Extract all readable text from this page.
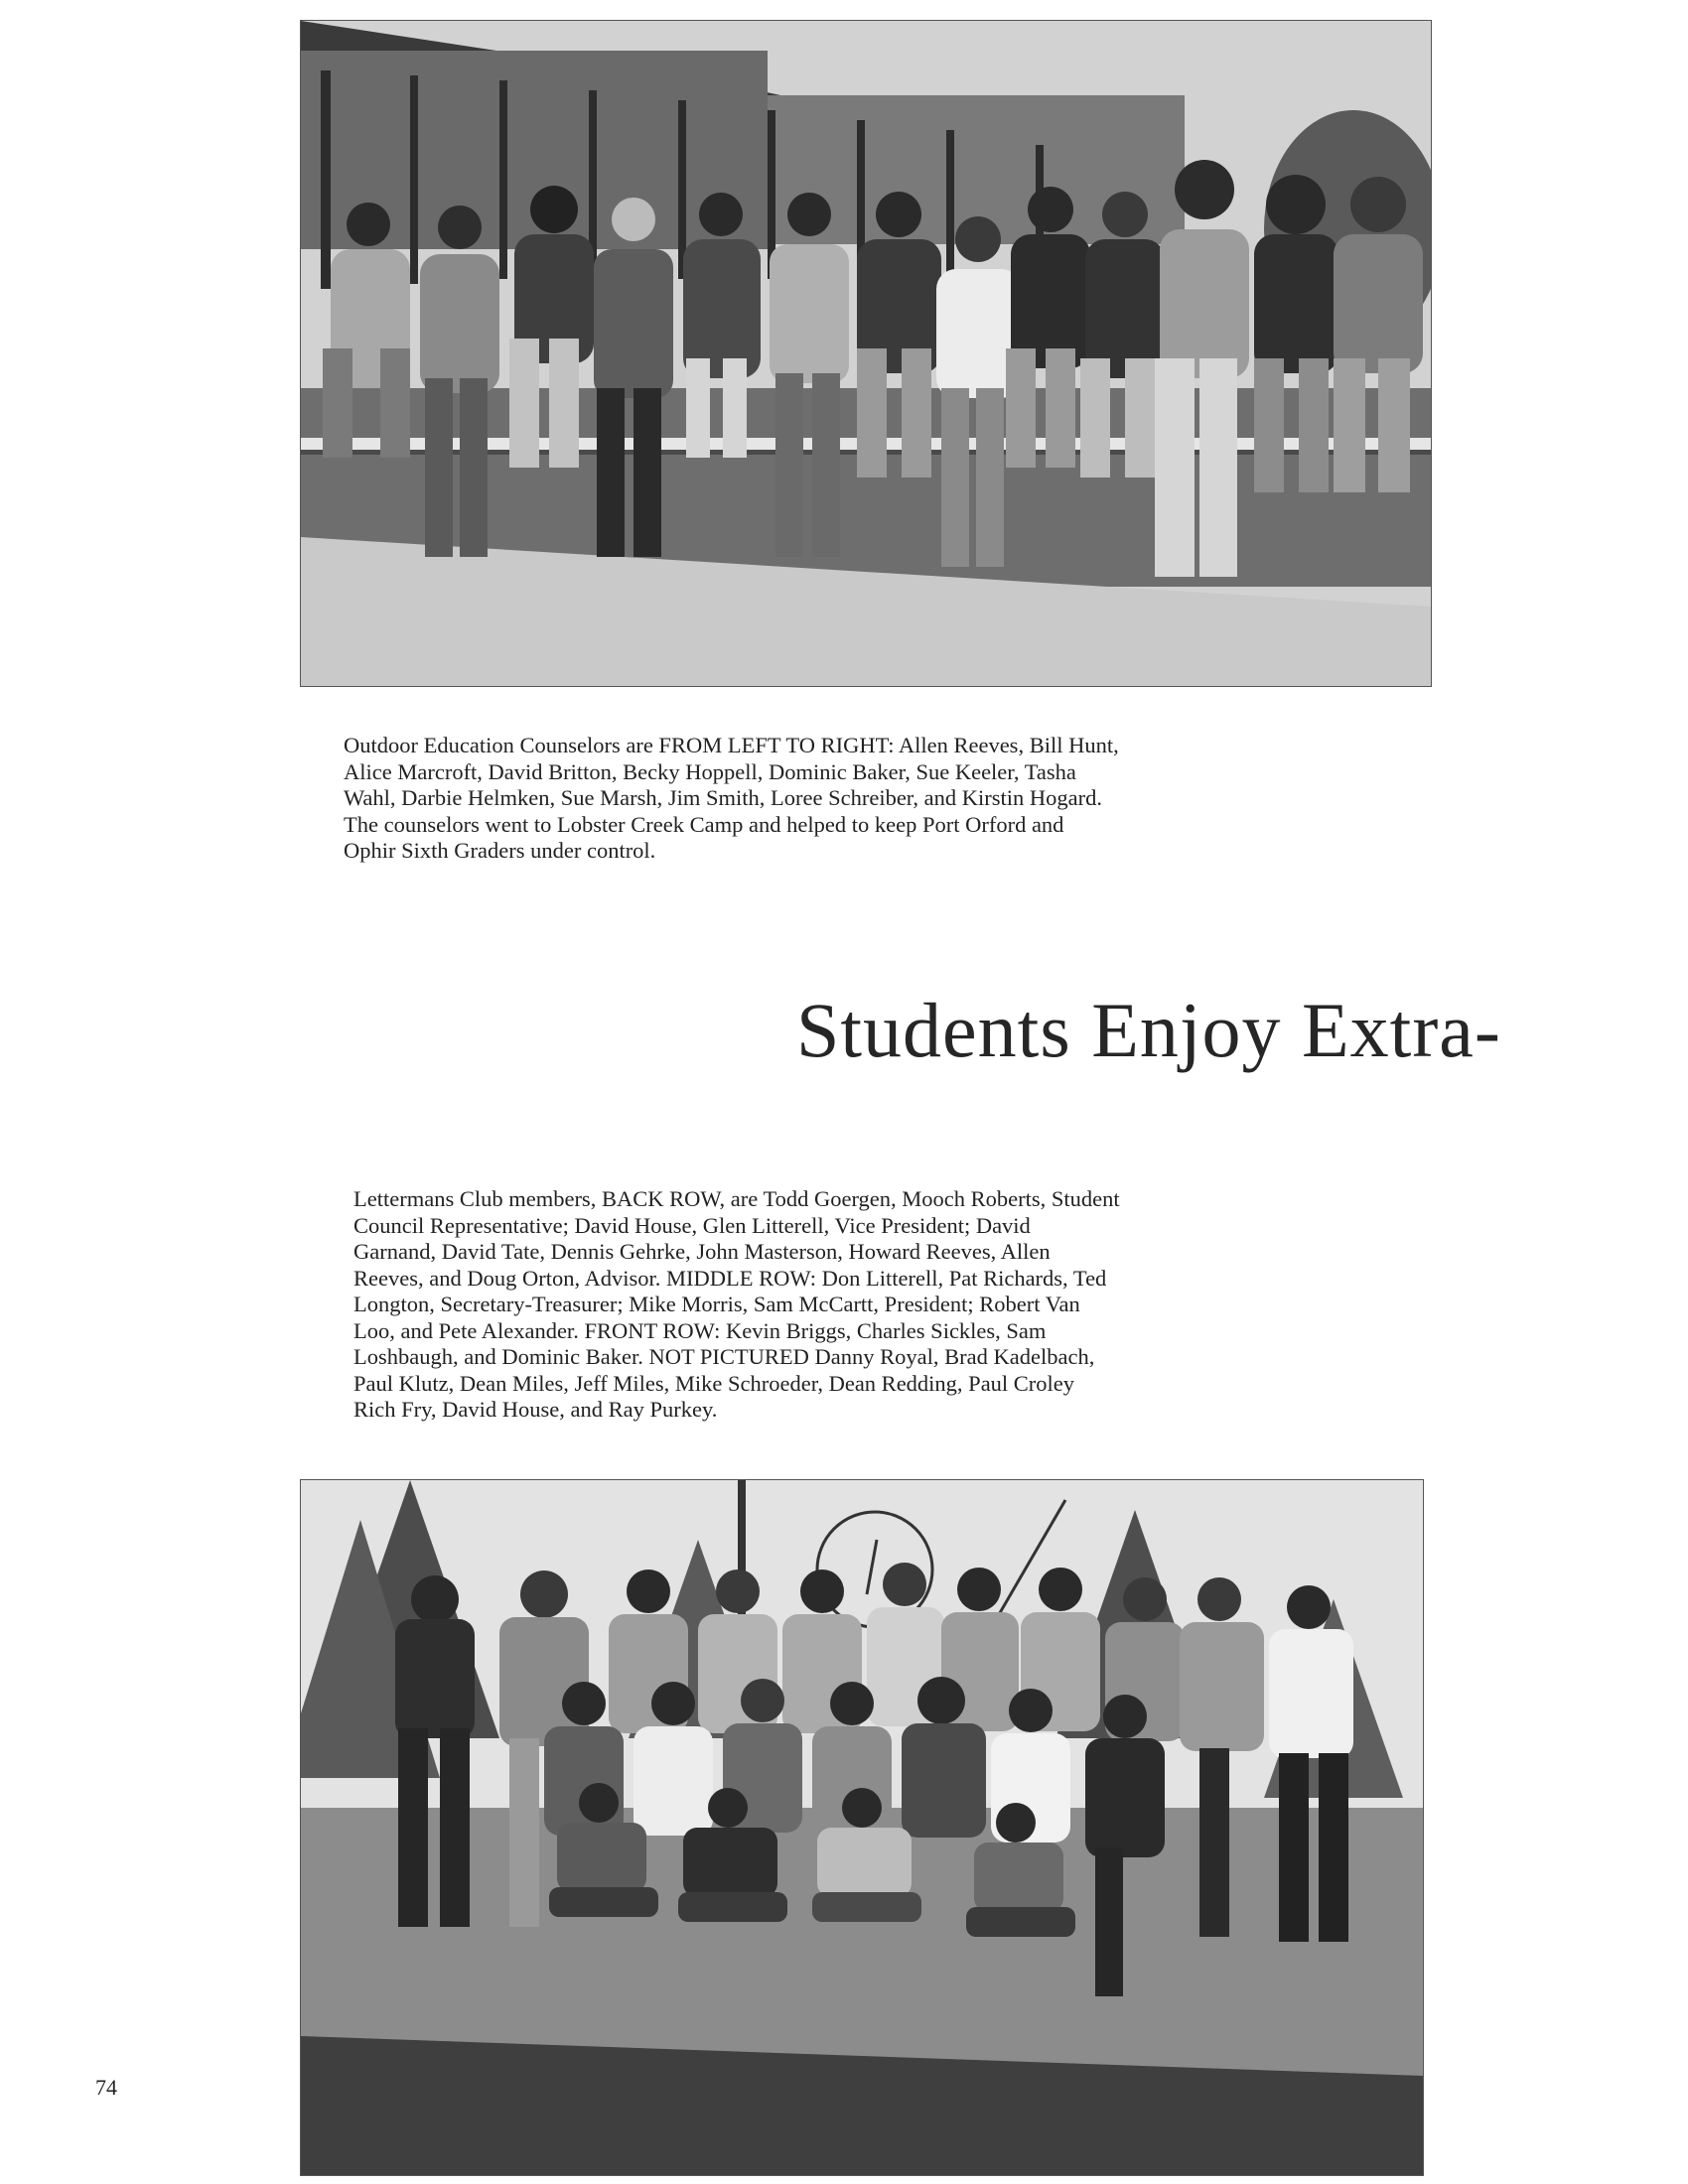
Outdoor Education Counselors are FROM LEFT TO RIGHT: Allen Reeves, Bill Hunt,
Alice Marcroft, David Britton, Becky Hoppell, Dominic Baker, Sue Keeler, Tasha
Wahl, Darbie Helmken, Sue Marsh, Jim Smith, Loree Schreiber, and Kirstin Hogard.
The counselors went to Lobster Creek Camp and helped to keep Port Orford and
Ophir Sixth Graders under control.

Students Enjoy Extra-

Lettermans Club members, BACK ROW, are Todd Goergen, Mooch Roberts, Student
Council Representative; David House, Glen Litterell, Vice President; David
Garnand, David Tate, Dennis Gehrke, John Masterson, Howard Reeves, Allen
Reeves, and Doug Orton, Advisor. MIDDLE ROW: Don Litterell, Pat Richards, Ted
Longton, Secretary-Treasurer; Mike Morris, Sam McCartt, President; Robert Van
Loo, and Pete Alexander. FRONT ROW: Kevin Briggs, Charles Sickles, Sam
Loshbaugh, and Dominic Baker. NOT PICTURED Danny Royal, Brad Kadelbach,
Paul Klutz, Dean Miles, Jeff Miles, Mike Schroeder, Dean Redding, Paul Croley
Rich Fry, David House, and Ray Purkey.

74
